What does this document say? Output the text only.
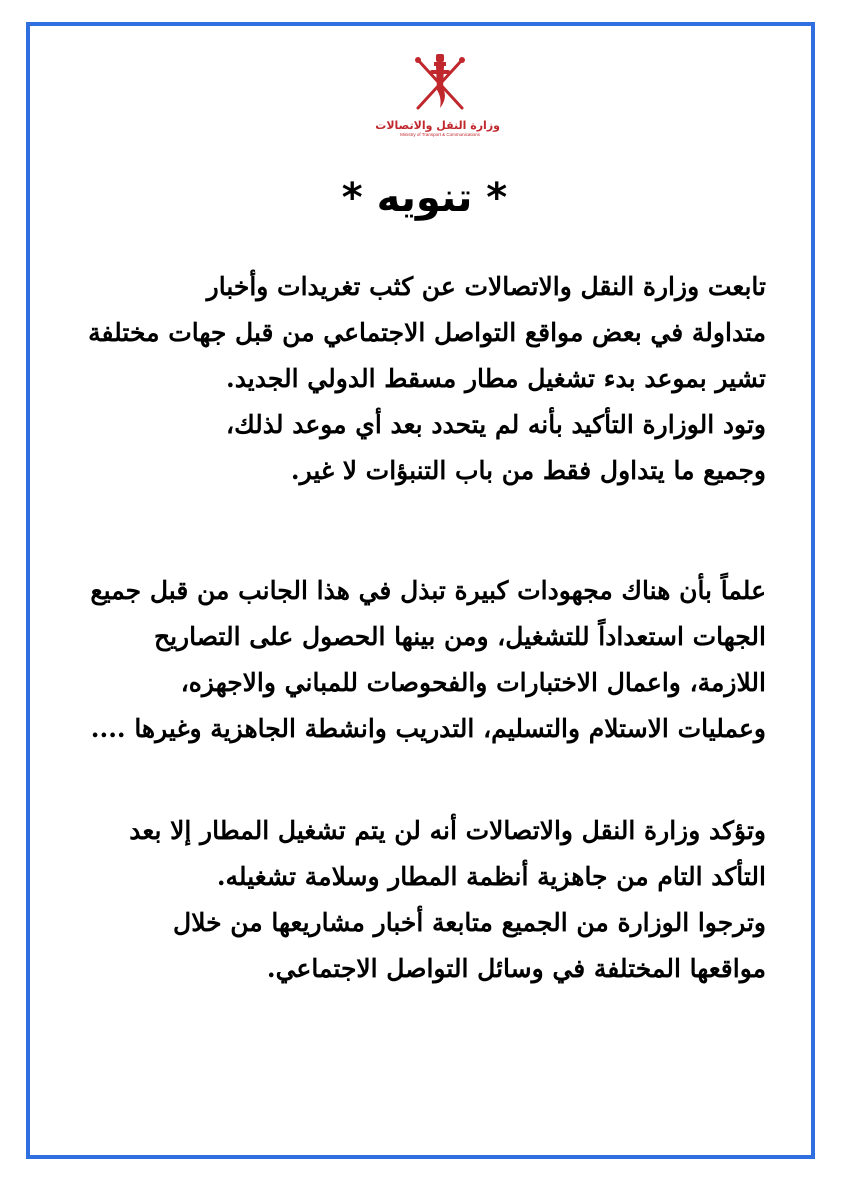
وزارة النقل والاتصالات
Ministry of Transport & Communications
* تنويه *
تابعت وزارة النقل والاتصالات عن كثب تغريدات وأخبار
متداولة في بعض مواقع التواصل الاجتماعي من قبل جهات مختلفة
تشير بموعد بدء تشغيل مطار مسقط الدولي الجديد.
وتود الوزارة التأكيد بأنه لم يتحدد بعد أي موعد لذلك،
وجميع ما يتداول فقط من باب التنبؤات لا غير.
علماً بأن هناك مجهودات كبيرة تبذل في هذا الجانب من قبل جميع
الجهات استعداداً للتشغيل، ومن بينها الحصول على التصاريح
اللازمة، واعمال الاختبارات والفحوصات للمباني والاجهزه،
وعمليات الاستلام والتسليم، التدريب وانشطة الجاهزية وغيرها ....
وتؤكد وزارة النقل والاتصالات أنه لن يتم تشغيل المطار إلا بعد
التأكد التام من جاهزية أنظمة المطار وسلامة تشغيله.
وترجوا الوزارة من الجميع متابعة أخبار مشاريعها من خلال
مواقعها المختلفة في وسائل التواصل الاجتماعي.
